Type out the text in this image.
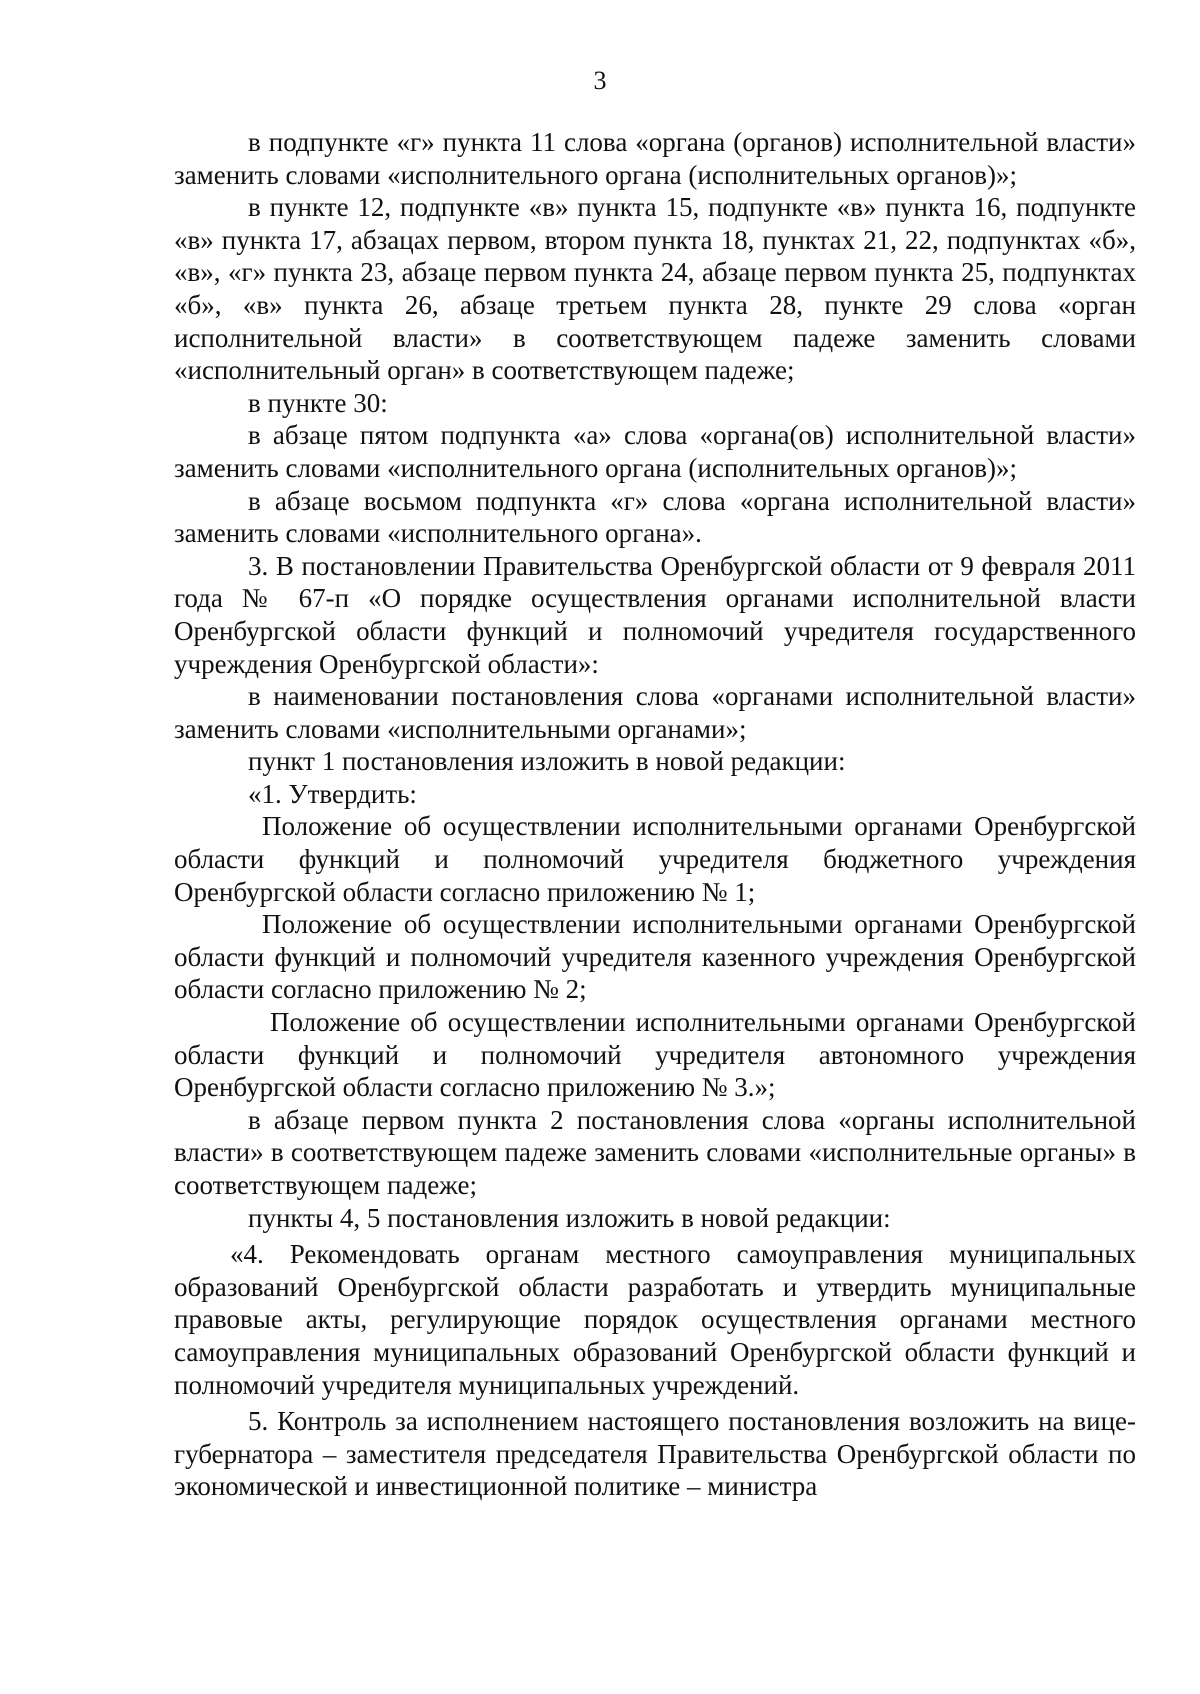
3

в подпункте «г» пункта 11 слова «органа (органов) исполнительной власти» заменить словами «исполнительного органа (исполнительных органов)»;

в пункте 12, подпункте «в» пункта 15, подпункте «в» пункта 16, подпункте «в» пункта 17, абзацах первом, втором пункта 18, пунктах 21, 22, подпунктах «б», «в», «г» пункта 23, абзаце первом пункта 24, абзаце первом пункта 25, подпунктах «б», «в» пункта 26, абзаце третьем пункта 28, пункте 29 слова «орган исполнительной власти» в соответствующем падеже заменить словами «исполнительный орган» в соответствующем падеже;

в пункте 30:

в абзаце пятом подпункта «а» слова «органа(ов) исполнительной власти» заменить словами «исполнительного органа (исполнительных органов)»;

в абзаце восьмом подпункта «г» слова «органа исполнительной власти» заменить словами «исполнительного органа».

3. В постановлении Правительства Оренбургской области от 9 февраля 2011 года № 67-п «О порядке осуществления органами исполнительной власти Оренбургской области функций и полномочий учредителя государственного учреждения Оренбургской области»:

в наименовании постановления слова «органами исполнительной власти» заменить словами «исполнительными органами»;

пункт 1 постановления изложить в новой редакции:

«1. Утвердить:

Положение об осуществлении исполнительными органами Оренбургской области функций и полномочий учредителя бюджетного учреждения Оренбургской области согласно приложению № 1;

Положение об осуществлении исполнительными органами Оренбургской области функций и полномочий учредителя казенного учреждения Оренбургской области согласно приложению № 2;

Положение об осуществлении исполнительными органами Оренбургской области функций и полномочий учредителя автономного учреждения Оренбургской области согласно приложению № 3.»;

в абзаце первом пункта 2 постановления слова «органы исполнительной власти» в соответствующем падеже заменить словами «исполнительные органы» в соответствующем падеже;

пункты 4, 5 постановления изложить в новой редакции:

«4. Рекомендовать органам местного самоуправления муниципальных образований Оренбургской области разработать и утвердить муниципальные правовые акты, регулирующие порядок осуществления органами местного самоуправления муниципальных образований Оренбургской области функций и полномочий учредителя муниципальных учреждений.

5. Контроль за исполнением настоящего постановления возложить на вице-губернатора – заместителя председателя Правительства Оренбургской области по экономической и инвестиционной политике – министра
